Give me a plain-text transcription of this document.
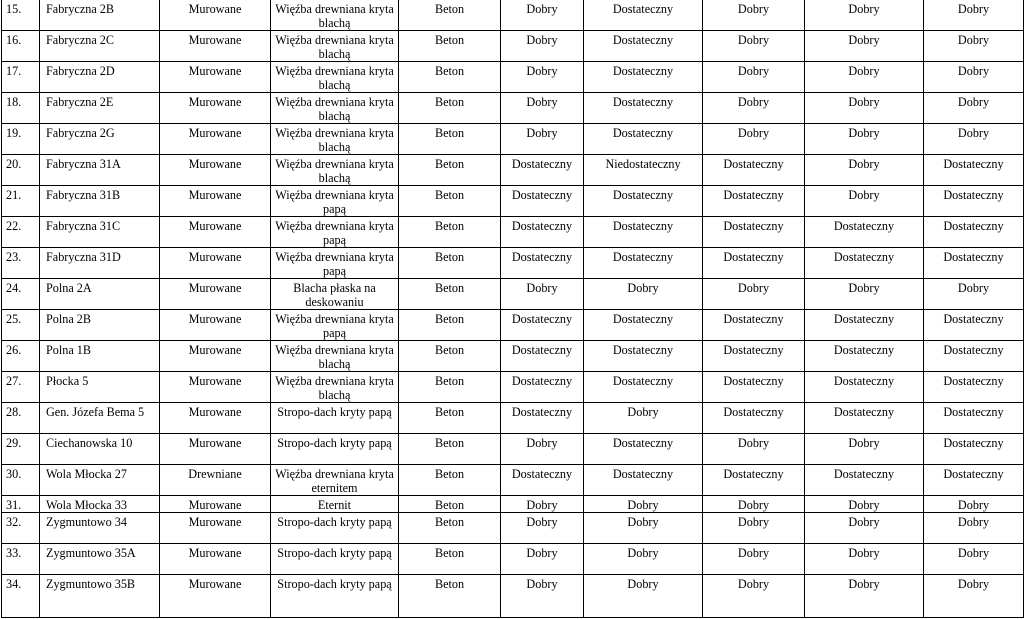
15.	Fabryczna 2B	Murowane	Więźba drewniana kryta blachą	Beton	Dobry	Dostateczny	Dobry	Dobry	Dobry
16.	Fabryczna 2C	Murowane	Więźba drewniana kryta blachą	Beton	Dobry	Dostateczny	Dobry	Dobry	Dobry
17.	Fabryczna 2D	Murowane	Więźba drewniana kryta blachą	Beton	Dobry	Dostateczny	Dobry	Dobry	Dobry
18.	Fabryczna 2E	Murowane	Więźba drewniana kryta blachą	Beton	Dobry	Dostateczny	Dobry	Dobry	Dobry
19.	Fabryczna 2G	Murowane	Więźba drewniana kryta blachą	Beton	Dobry	Dostateczny	Dobry	Dobry	Dobry
20.	Fabryczna 31A	Murowane	Więźba drewniana kryta blachą	Beton	Dostateczny	Niedostateczny	Dostateczny	Dobry	Dostateczny
21.	Fabryczna 31B	Murowane	Więźba drewniana kryta papą	Beton	Dostateczny	Dostateczny	Dostateczny	Dobry	Dostateczny
22.	Fabryczna 31C	Murowane	Więźba drewniana kryta papą	Beton	Dostateczny	Dostateczny	Dostateczny	Dostateczny	Dostateczny
23.	Fabryczna 31D	Murowane	Więźba drewniana kryta papą	Beton	Dostateczny	Dostateczny	Dostateczny	Dostateczny	Dostateczny
24.	Polna 2A	Murowane	Blacha płaska na deskowaniu	Beton	Dobry	Dobry	Dobry	Dobry	Dobry
25.	Polna 2B	Murowane	Więźba drewniana kryta papą	Beton	Dostateczny	Dostateczny	Dostateczny	Dostateczny	Dostateczny
26.	Polna 1B	Murowane	Więźba drewniana kryta blachą	Beton	Dostateczny	Dostateczny	Dostateczny	Dostateczny	Dostateczny
27.	Płocka 5	Murowane	Więźba drewniana kryta blachą	Beton	Dostateczny	Dostateczny	Dostateczny	Dostateczny	Dostateczny
28.	Gen. Józefa Bema 5	Murowane	Stropo-dach kryty papą	Beton	Dostateczny	Dobry	Dostateczny	Dostateczny	Dostateczny
29.	Ciechanowska 10	Murowane	Stropo-dach kryty papą	Beton	Dobry	Dostateczny	Dobry	Dobry	Dostateczny
30.	Wola Młocka 27	Drewniane	Więźba drewniana kryta eternitem	Beton	Dostateczny	Dostateczny	Dostateczny	Dostateczny	Dostateczny
31.	Wola Młocka 33	Murowane	Eternit	Beton	Dobry	Dobry	Dobry	Dobry	Dobry
32.	Zygmuntowo 34	Murowane	Stropo-dach kryty papą	Beton	Dobry	Dobry	Dobry	Dobry	Dobry
33.	Zygmuntowo 35A	Murowane	Stropo-dach kryty papą	Beton	Dobry	Dobry	Dobry	Dobry	Dobry
34.	Zygmuntowo 35B	Murowane	Stropo-dach kryty papą	Beton	Dobry	Dobry	Dobry	Dobry	Dobry
